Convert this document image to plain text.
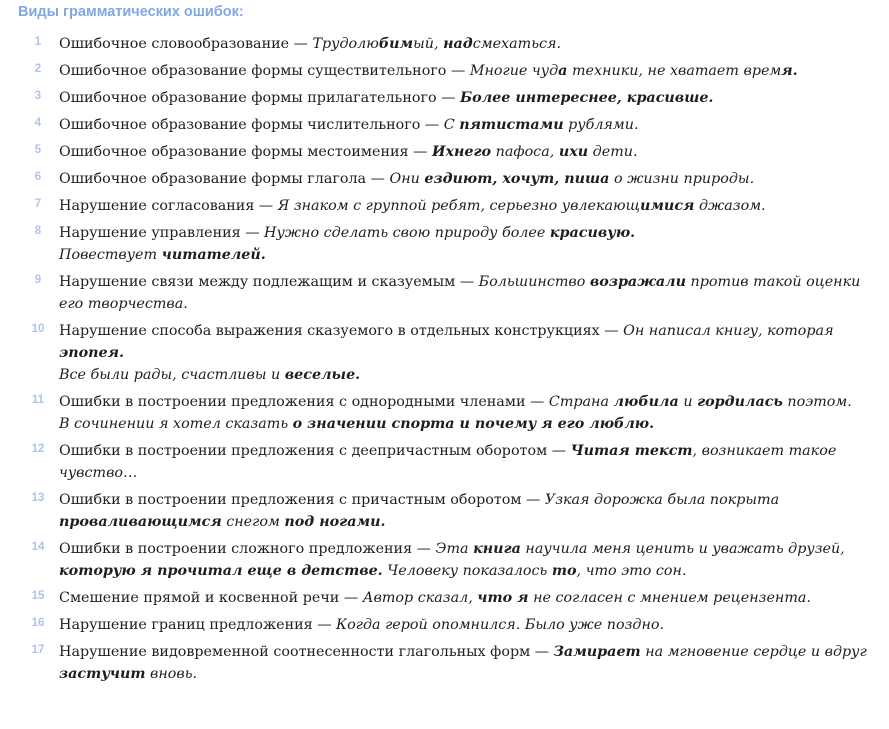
Виды грамматических ошибок:
1	Ошибочное словообразование — Трудолюбимый, надсмехаться.
2	Ошибочное образование формы существительного — Многие чуда техники, не хватает время.
3	Ошибочное образование формы прилагательного — Более интереснее, красивше.
4	Ошибочное образование формы числительного — С пятистами рублями.
5	Ошибочное образование формы местоимения — Ихнего пафоса, ихи дети.
6	Ошибочное образование формы глагола — Они ездиют, хочут, пиша о жизни природы.
7	Нарушение согласования — Я знаком с группой ребят, серьезно увлекающимися джазом.
8	Нарушение управления — Нужно сделать свою природу более красивую.
Повествует читателей.
9	Нарушение связи между подлежащим и сказуемым — Большинство возражали против такой оценки его творчества.
10 Нарушение способа выражения сказуемого в отдельных конструкциях — Он написал книгу, которая эпопея.
Все были рады, счастливы и веселые.
11 Ошибки в построении предложения с однородными членами — Страна любила и гордилась поэтом.
В сочинении я хотел сказать о значении спорта и почему я его люблю.
12 Ошибки в построении предложения с деепричастным оборотом — Читая текст, возникает такое чувство…
13 Ошибки в построении предложения с причастным оборотом — Узкая дорожка была покрыта проваливающимся снегом под ногами.
14 Ошибки в построении сложного предложения — Эта книга научила меня ценить и уважать друзей, которую я прочитал еще в детстве. Человеку показалось то, что это сон.
15 Смешение прямой и косвенной речи — Автор сказал, что я не согласен с мнением рецензента.
16 Нарушение границ предложения — Когда герой опомнился. Было уже поздно.
17 Нарушение видовременной соотнесенности глагольных форм — Замирает на мгновение сердце и вдруг застучит вновь.
